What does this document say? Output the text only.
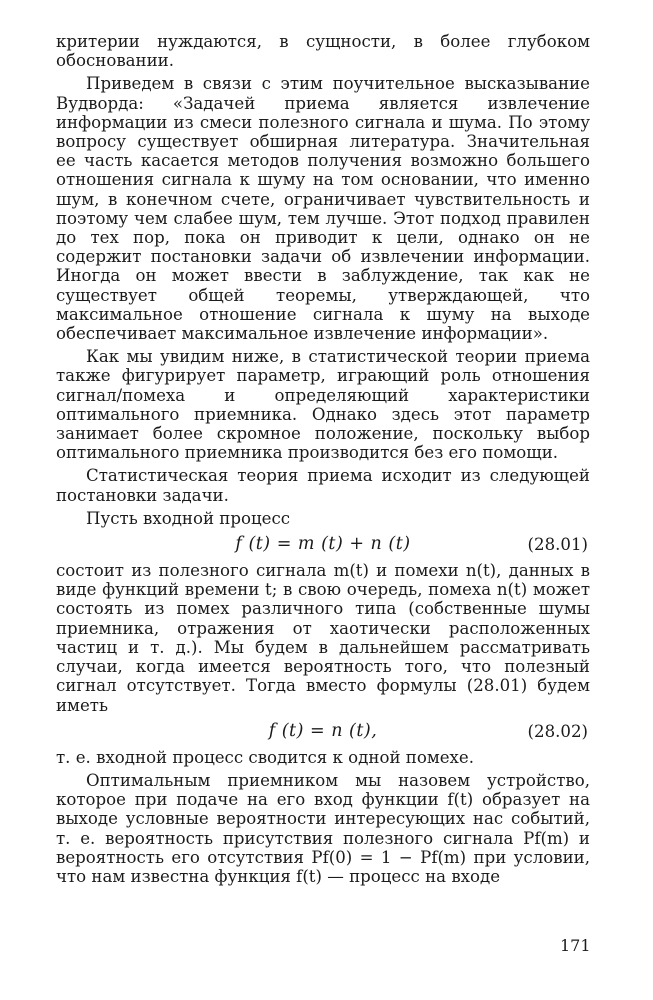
критерии нуждаются, в сущности, в более глубоком обосновании.

Приведем в связи с этим поучительное высказывание Вудворда: «Задачей приема является извлечение информации из смеси полезного сигнала и шума. По этому вопросу существует обширная литература. Значительная ее часть касается методов получения возможно большего отношения сигнала к шуму на том основании, что именно шум, в конечном счете, ограничивает чувствительность и поэтому чем слабее шум, тем лучше. Этот подход правилен до тех пор, пока он приводит к цели, однако он не содержит постановки задачи об извлечении информации. Иногда он может ввести в заблуждение, так как не существует общей теоремы, утверждающей, что максимальное отношение сигнала к шуму на выходе обеспечивает максимальное извлечение информации».

Как мы увидим ниже, в статистической теории приема также фигурирует параметр, играющий роль отношения сигнал/помеха и определяющий характеристики оптимального приемника. Однако здесь этот параметр занимает более скромное положение, поскольку выбор оптимального приемника производится без его помощи.

Статистическая теория приема исходит из следующей постановки задачи.

Пусть входной процесс

f (t) = m (t) + n (t)	(28.01)

состоит из полезного сигнала m(t) и помехи n(t), данных в виде функций времени t; в свою очередь, помеха n(t) может состоять из помех различного типа (собственные шумы приемника, отражения от хаотически расположенных частиц и т. д.). Мы будем в дальнейшем рассматривать случаи, когда имеется вероятность того, что полезный сигнал отсутствует. Тогда вместо формулы (28.01) будем иметь

f (t) = n (t),	(28.02)

т. е. входной процесс сводится к одной помехе.

Оптимальным приемником мы назовем устройство, которое при подаче на его вход функции f(t) образует на выходе условные вероятности интересующих нас событий, т. е. вероятность присутствия полезного сигнала Pf(m) и вероятность его отсутствия Pf(0) = 1 − Pf(m) при условии, что нам известна функция f(t) — процесс на входе

171
